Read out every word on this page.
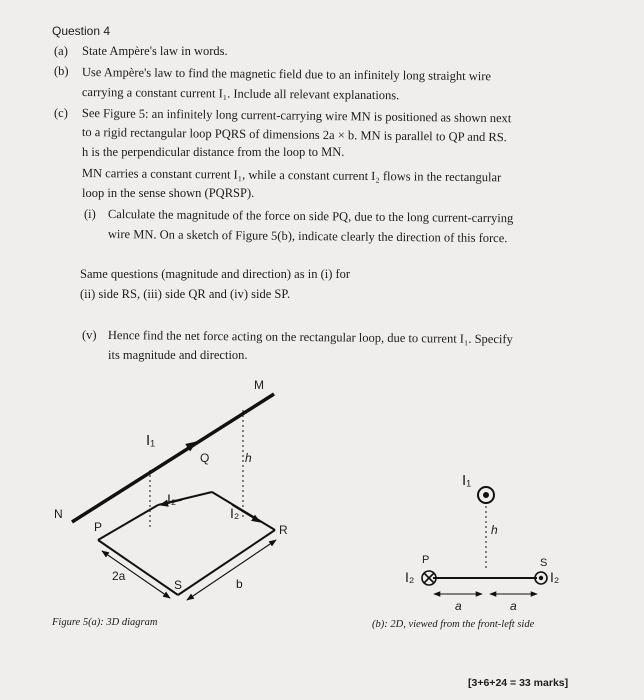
Question 4
(a) State Ampère's law in words.
(b) Use Ampère's law to find the magnetic field due to an infinitely long straight wire
carrying a constant current I₁. Include all relevant explanations.
(c) See Figure 5: an infinitely long current-carrying wire MN is positioned as shown next
to a rigid rectangular loop PQRS of dimensions 2a × b. MN is parallel to QP and RS.
h is the perpendicular distance from the loop to MN.
MN carries a constant current I₁, while a constant current I₂ flows in the rectangular
loop in the sense shown (PQRSP).
(i) Calculate the magnitude of the force on side PQ, due to the long current-carrying
wire MN. On a sketch of Figure 5(b), indicate clearly the direction of this force.
Same questions (magnitude and direction) as in (i) for
(ii) side RS, (iii) side QR and (iv) side SP.
(v) Hence find the net force acting on the rectangular loop, due to current I₁. Specify
its magnitude and direction.
M
N
I₁
Q	h
I₂
I₂
P	R
2a
S	b
Figure 5(a): 3D diagram
I₁
h
P	S
I₂	I₂
a	a
(b): 2D, viewed from the front-left side
[3+6+24 = 33 marks]
